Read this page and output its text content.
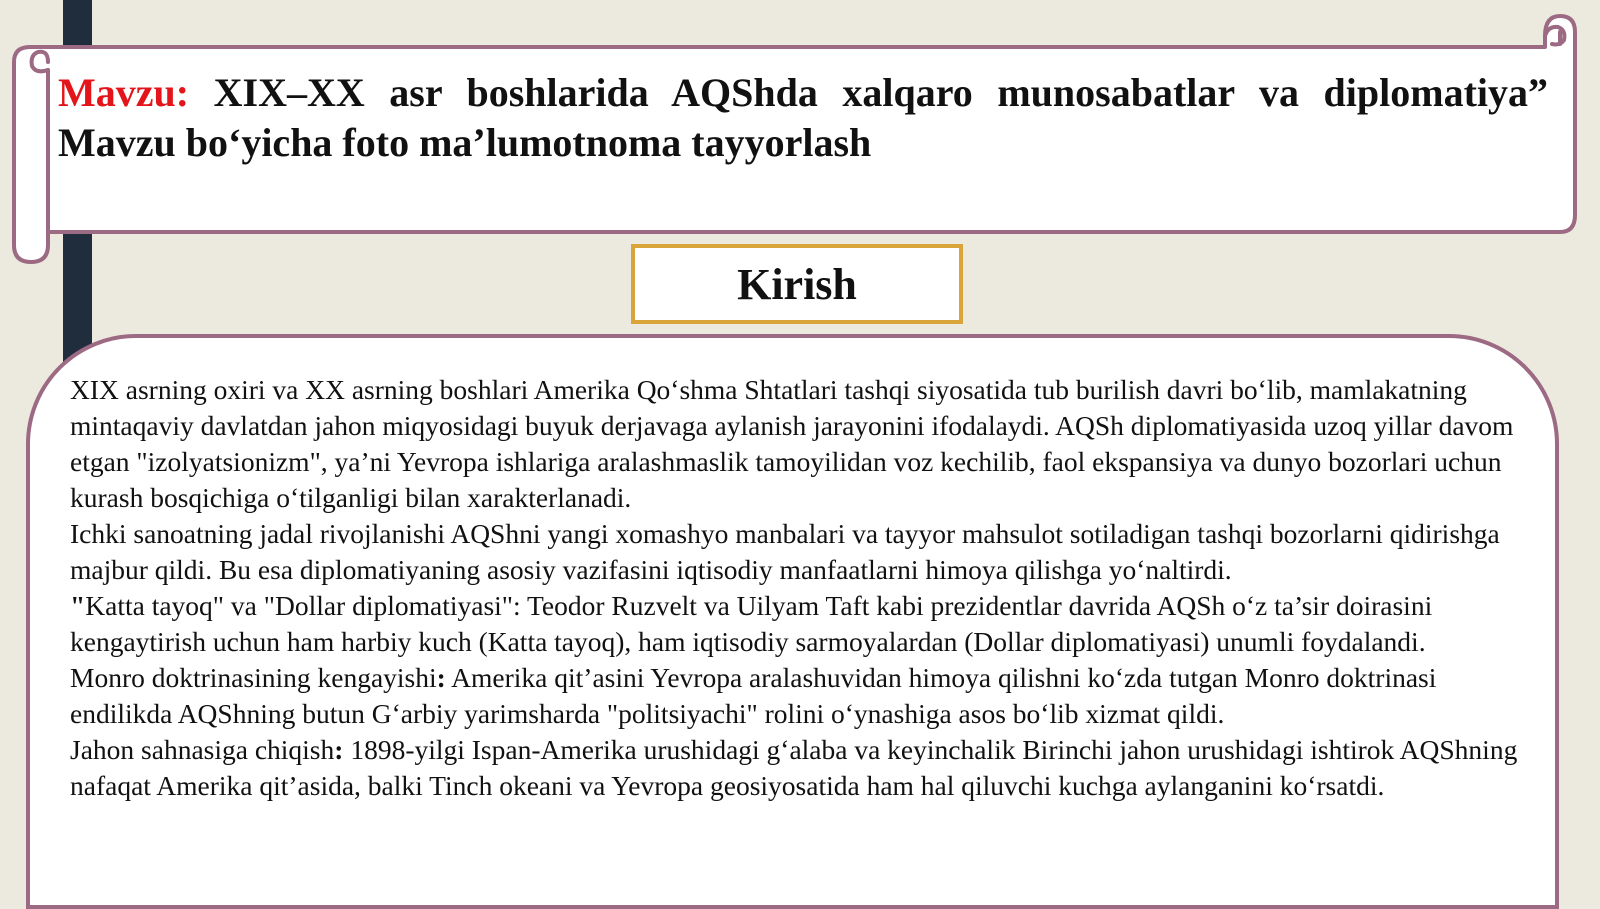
Mavzu: XIX–XX asr boshlarida AQShda xalqaro munosabatlar va diplomatiya” Mavzu bo‘yicha foto ma’lumotnoma tayyorlash
Kirish

XIX asrning oxiri va XX asrning boshlari Amerika Qo‘shma Shtatlari tashqi siyosatida tub burilish davri bo‘lib, mamlakatning mintaqaviy davlatdan jahon miqyosidagi buyuk derjavaga aylanish jarayonini ifodalaydi. AQSh diplomatiyasida uzoq yillar davom etgan "izolyatsionizm", ya’ni Yevropa ishlariga aralashmaslik tamoyilidan voz kechilib, faol ekspansiya va dunyo bozorlari uchun kurash bosqichiga o‘tilganligi bilan xarakterlanadi.

Ichki sanoatning jadal rivojlanishi AQShni yangi xomashyo manbalari va tayyor mahsulot sotiladigan tashqi bozorlarni qidirishga majbur qildi. Bu esa diplomatiyaning asosiy vazifasini iqtisodiy manfaatlarni himoya qilishga yo‘naltirdi.

"Katta tayoq" va "Dollar diplomatiyasi": Teodor Ruzvelt va Uilyam Taft kabi prezidentlar davrida AQSh o‘z ta’sir doirasini kengaytirish uchun ham harbiy kuch (Katta tayoq), ham iqtisodiy sarmoyalardan (Dollar diplomatiyasi) unumli foydalandi.

Monro doktrinasining kengayishi: Amerika qit’asini Yevropa aralashuvidan himoya qilishni ko‘zda tutgan Monro doktrinasi endilikda AQShning butun G‘arbiy yarimsharda "politsiyachi" rolini o‘ynashiga asos bo‘lib xizmat qildi.

Jahon sahnasiga chiqish: 1898-yilgi Ispan-Amerika urushidagi g‘alaba va keyinchalik Birinchi jahon urushidagi ishtirok AQShning nafaqat Amerika qit’asida, balki Tinch okeani va Yevropa geosiyosatida ham hal qiluvchi kuchga aylanganini ko‘rsatdi.
